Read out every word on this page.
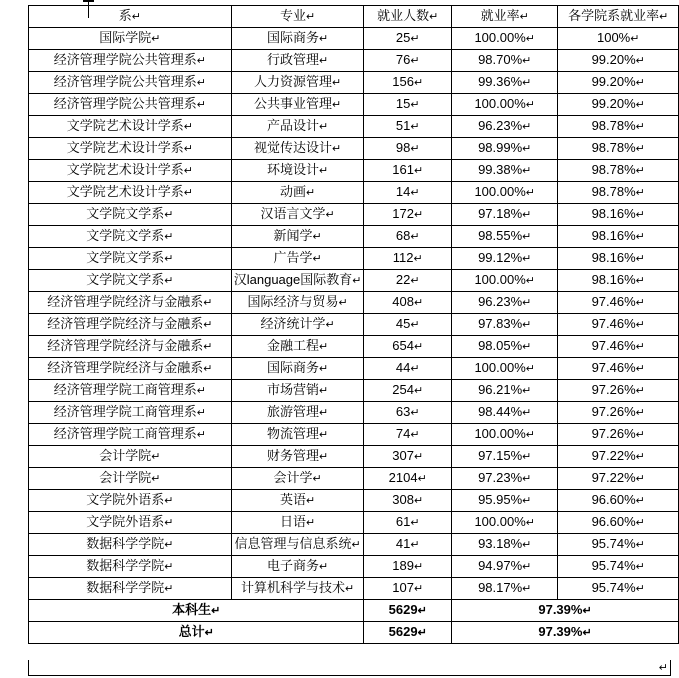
系↵	专业↵	就业人数↵	就业率↵	各学院系就业率↵
国际学院↵	国际商务↵	25↵	100.00%↵	100%↵
经济管理学院公共管理系↵	行政管理↵	76↵	98.70%↵	99.20%↵
经济管理学院公共管理系↵	人力资源管理↵	156↵	99.36%↵	99.20%↵
经济管理学院公共管理系↵	公共事业管理↵	15↵	100.00%↵	99.20%↵
文学院艺术设计学系↵	产品设计↵	51↵	96.23%↵	98.78%↵
文学院艺术设计学系↵	视觉传达设计↵	98↵	98.99%↵	98.78%↵
文学院艺术设计学系↵	环境设计↵	161↵	99.38%↵	98.78%↵
文学院艺术设计学系↵	动画↵	14↵	100.00%↵	98.78%↵
文学院文学系↵	汉语言文学↵	172↵	97.18%↵	98.16%↵
文学院文学系↵	新闻学↵	68↵	98.55%↵	98.16%↵
文学院文学系↵	广告学↵	112↵	99.12%↵	98.16%↵
文学院文学系↵	汉language国际教育↵	22↵	100.00%↵	98.16%↵
经济管理学院经济与金融系↵	国际经济与贸易↵	408↵	96.23%↵	97.46%↵
经济管理学院经济与金融系↵	经济统计学↵	45↵	97.83%↵	97.46%↵
经济管理学院经济与金融系↵	金融工程↵	654↵	98.05%↵	97.46%↵
经济管理学院经济与金融系↵	国际商务↵	44↵	100.00%↵	97.46%↵
经济管理学院工商管理系↵	市场营销↵	254↵	96.21%↵	97.26%↵
经济管理学院工商管理系↵	旅游管理↵	63↵	98.44%↵	97.26%↵
经济管理学院工商管理系↵	物流管理↵	74↵	100.00%↵	97.26%↵
会计学院↵	财务管理↵	307↵	97.15%↵	97.22%↵
会计学院↵	会计学↵	2104↵	97.23%↵	97.22%↵
文学院外语系↵	英语↵	308↵	95.95%↵	96.60%↵
文学院外语系↵	日语↵	61↵	100.00%↵	96.60%↵
数据科学学院↵	信息管理与信息系统↵	41↵	93.18%↵	95.74%↵
数据科学学院↵	电子商务↵	189↵	94.97%↵	95.74%↵
数据科学学院↵	计算机科学与技术↵	107↵	98.17%↵	95.74%↵
本科生↵		5629↵	97.39%↵	
总计↵		5629↵	97.39%↵	
↵
